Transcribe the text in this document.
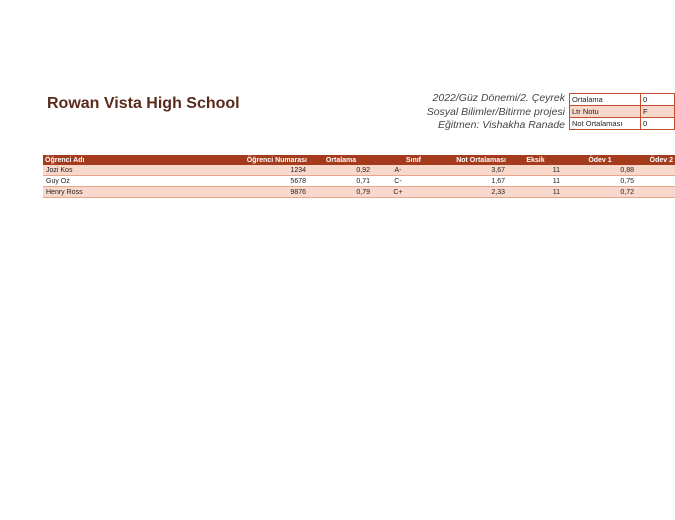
Rowan Vista High School	2022/Güz Dönemi/2. Çeyrek
Sosyal Bilimler/Bitirme projesi
Eğitmen: Vishakha Ranade
Ortalama	0
Ltr Notu	F
Not Ortalaması	0
Öğrenci Adı	Öğrenci Numarası	Ortalama	Sınıf	Not Ortalaması	Eksik	Ödev 1	Ödev 2
Jozi Kos	1234	0,92	A-	3,67	11	0,88	
Guy Oz	5678	0,71	C-	1,67	11	0,75	
Henry Ross	9876	0,79	C+	2,33	11	0,72	
